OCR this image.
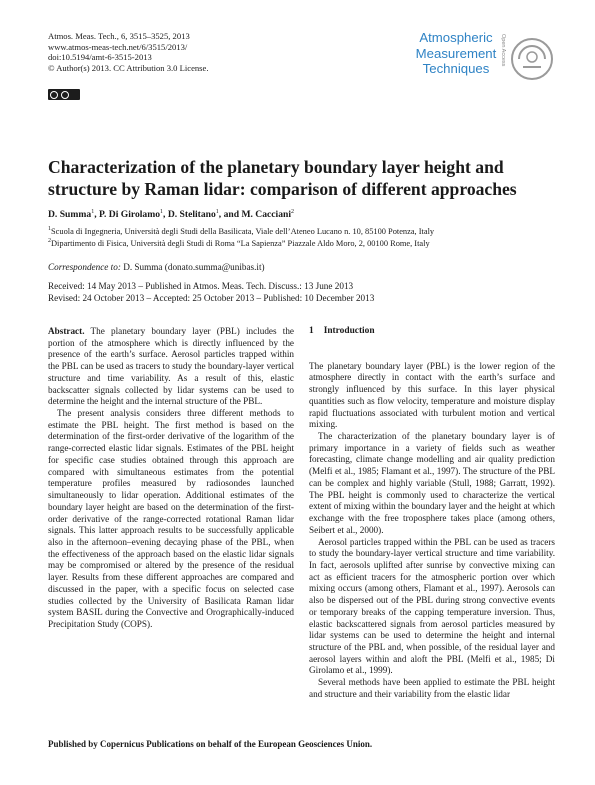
Atmos. Meas. Tech., 6, 3515–3525, 2013
www.atmos-meas-tech.net/6/3515/2013/
doi:10.5194/amt-6-3515-2013
© Author(s) 2013. CC Attribution 3.0 License.
Atmospheric
Measurement
Techniques
Open Access
Characterization of the planetary boundary layer height and structure by Raman lidar: comparison of different approaches
D. Summa$^1$, P. Di Girolamo$^1$, D. Stelitano$^1$, and M. Cacciani$^2$
$^1$Scuola di Ingegneria, Università degli Studi della Basilicata, Viale dell’Ateneo Lucano n. 10, 85100 Potenza, Italy
$^2$Dipartimento di Fisica, Università degli Studi di Roma “La Sapienza” Piazzale Aldo Moro, 2, 00100 Rome, Italy
Correspondence to: D. Summa (donato.summa@unibas.it)
Received: 14 May 2013 – Published in Atmos. Meas. Tech. Discuss.: 13 June 2013
Revised: 24 October 2013 – Accepted: 25 October 2013 – Published: 10 December 2013

Abstract. The planetary boundary layer (PBL) includes the portion of the atmosphere which is directly influenced by the presence of the earth’s surface. Aerosol particles trapped within the PBL can be used as tracers to study the boundary-layer vertical structure and time variability. As a result of this, elastic backscatter signals collected by lidar systems can be used to determine the height and the internal structure of the PBL.

The present analysis considers three different methods to estimate the PBL height. The first method is based on the determination of the first-order derivative of the logarithm of the range-corrected elastic lidar signals. Estimates of the PBL height for specific case studies obtained through this approach are compared with simultaneous estimates from the potential temperature profiles measured by radiosondes launched simultaneously to lidar operation. Additional estimates of the boundary layer height are based on the determination of the first-order derivative of the range-corrected rotational Raman lidar signals. This latter approach results to be successfully applicable also in the afternoon–evening decaying phase of the PBL, when the effectiveness of the approach based on the elastic lidar signals may be compromised or altered by the presence of the residual layer. Results from these different approaches are compared and discussed in the paper, with a specific focus on selected case studies collected by the University of Basilicata Raman lidar system BASIL during the Convective and Orographically-induced Precipitation Study (COPS).

1 Introduction

The planetary boundary layer (PBL) is the lower region of the atmosphere directly in contact with the earth’s surface and strongly influenced by this surface. In this layer physical quantities such as flow velocity, temperature and moisture display rapid fluctuations associated with turbulent motion and vertical mixing.

The characterization of the planetary boundary layer is of primary importance in a variety of fields such as weather forecasting, climate change modelling and air quality prediction (Melfi et al., 1985; Flamant et al., 1997). The structure of the PBL can be complex and highly variable (Stull, 1988; Garratt, 1992). The PBL height is commonly used to characterize the vertical extent of mixing within the boundary layer and the height at which exchange with the free troposphere takes place (among others, Seibert et al., 2000).

Aerosol particles trapped within the PBL can be used as tracers to study the boundary-layer vertical structure and time variability. In fact, aerosols uplifted after sunrise by convective mixing can act as efficient tracers for the atmospheric portion over which mixing occurs (among others, Flamant et al., 1997). Aerosols can also be dispersed out of the PBL during strong convective events or temporary breaks of the capping temperature inversion. Thus, elastic backscattered signals from aerosol particles measured by lidar systems can be used to determine the height and internal structure of the PBL and, when possible, of the residual layer and aerosol layers within and aloft the PBL (Melfi et al., 1985; Di Girolamo et al., 1999).

Several methods have been applied to estimate the PBL height and structure and their variability from the elastic lidar

Published by Copernicus Publications on behalf of the European Geosciences Union.
